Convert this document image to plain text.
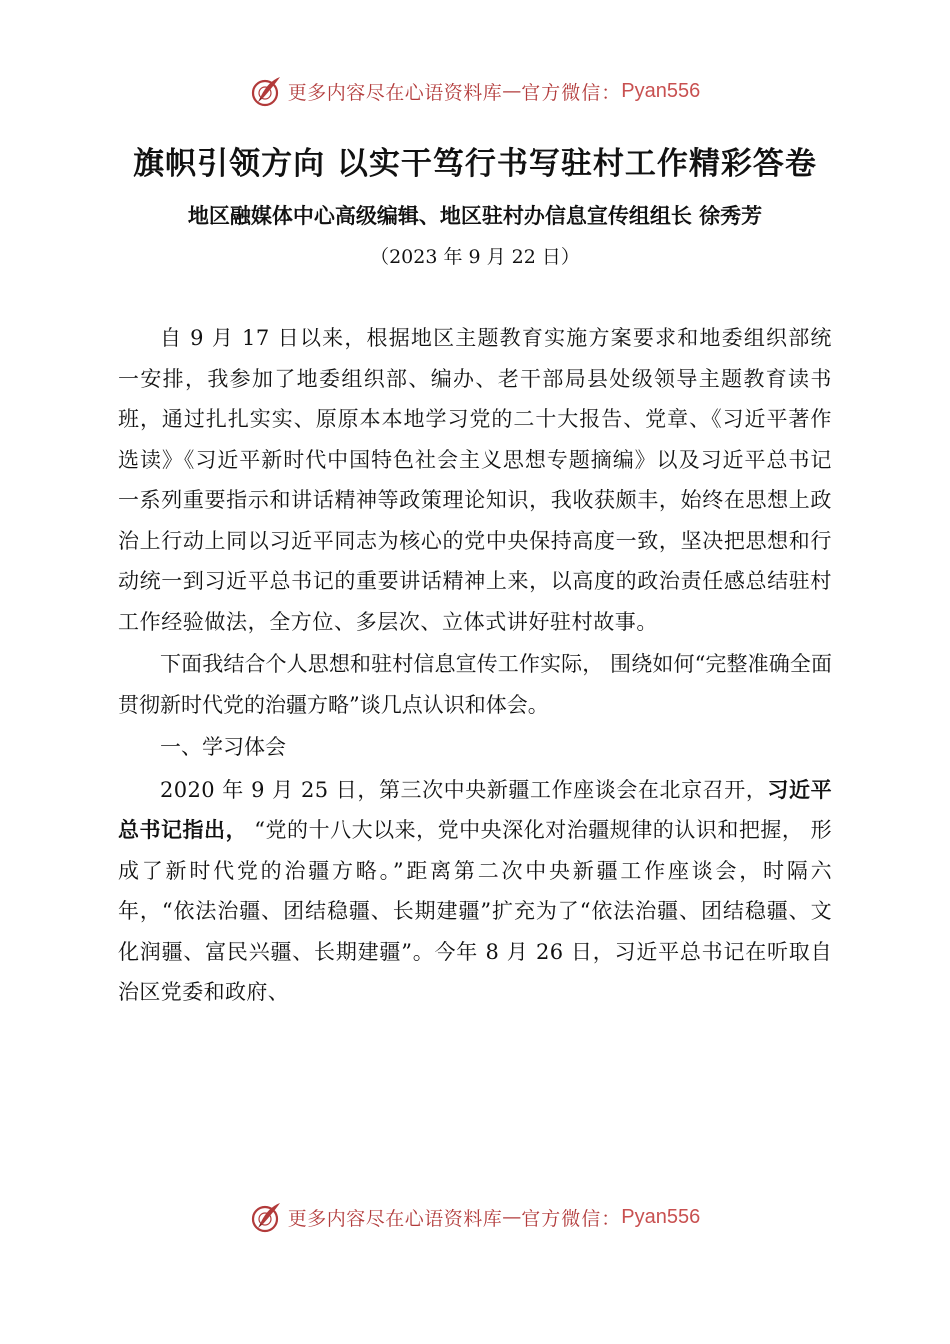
更多内容尽在心语资料库 — 官方微信： Pyan556
旗帜引领方向 以实干笃行书写驻村工作精彩答卷
地区融媒体中心高级编辑、地区驻村办信息宣传组组长 徐秀芳
（2023 年 9 月 22 日）

自 9 月 17 日以来，根据地区主题教育实施方案要求和地委组织部统一安排，我参加了地委组织部、编办、老干部局县处级领导主题教育读书班，通过扎扎实实、原原本本地学习党的二十大报告、党章、《习近平著作选读》《习近平新时代中国特色社会主义思想专题摘编》以及习近平总书记一系列重要指示和讲话精神等政策理论知识，我收获颇丰，始终在思想上政治上行动上同以习近平同志为核心的党中央保持高度一致，坚决把思想和行动统一到习近平总书记的重要讲话精神上来，以高度的政治责任感总结驻村工作经验做法，全方位、多层次、立体式讲好驻村故事。

下面我结合个人思想和驻村信息宣传工作实际， 围绕如何“完整准确全面贯彻新时代党的治疆方略”谈几点认识和体会。

一、学习体会

2020 年 9 月 25 日，第三次中央新疆工作座谈会在北京召开，习近平总书记指出， “党的十八大以来，党中央深化对治疆规律的认识和把握， 形成了新时代党的治疆方略。”距离第二次中央新疆工作座谈会，时隔六年，“依法治疆、团结稳疆、长期建疆”扩充为了“依法治疆、团结稳疆、文化润疆、富民兴疆、长期建疆”。今年 8 月 26 日，习近平总书记在听取自治区党委和政府、

更多内容尽在心语资料库 — 官方微信： Pyan556
